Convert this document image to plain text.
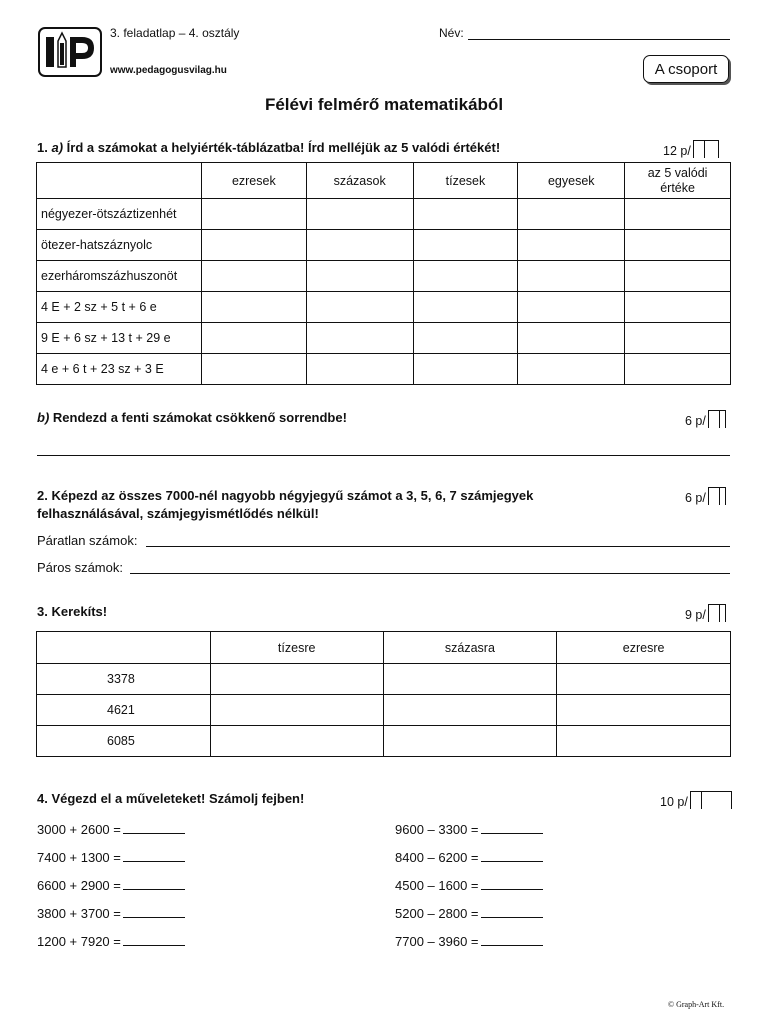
3. feladatlap – 4. osztály
www.pedagogusvilag.hu
Név:
A csoport
Félévi felmérő matematikából
1. a) Írd a számokat a helyiérték-táblázatba! Írd melléjük az 5 valódi értékét!	12 p/
	ezresek	százasok	tízesek	egyesek	az 5 valódi értéke
négyezer-ötszáztizenhét					
ötezer-hatszáznyolc					
ezerháromszázhuszonöt					
4 E + 2 sz + 5 t + 6 e					
9 E + 6 sz + 13 t + 29 e					
4 e + 6 t + 23 sz + 3 E					
b) Rendezd a fenti számokat csökkenő sorrendbe!	6 p/
2. Képezd az összes 7000-nél nagyobb négyjegyű számot a 3, 5, 6, 7 számjegyek
felhasználásával, számjegyismétlődés nélkül!
6 p/
Páratlan számok:
Páros számok:
3. Kerekíts!	9 p/
	tízesre	százasra	ezresre
3378			
4621			
6085			
4. Végezd el a műveleteket! Számolj fejben!	10 p/
3000 + 2600 =
7400 + 1300 =
6600 + 2900 =
3800 + 3700 =
1200 + 7920 =
9600 – 3300 =
8400 – 6200 =
4500 – 1600 =
5200 – 2800 =
7700 – 3960 =
© Graph-Art Kft.
